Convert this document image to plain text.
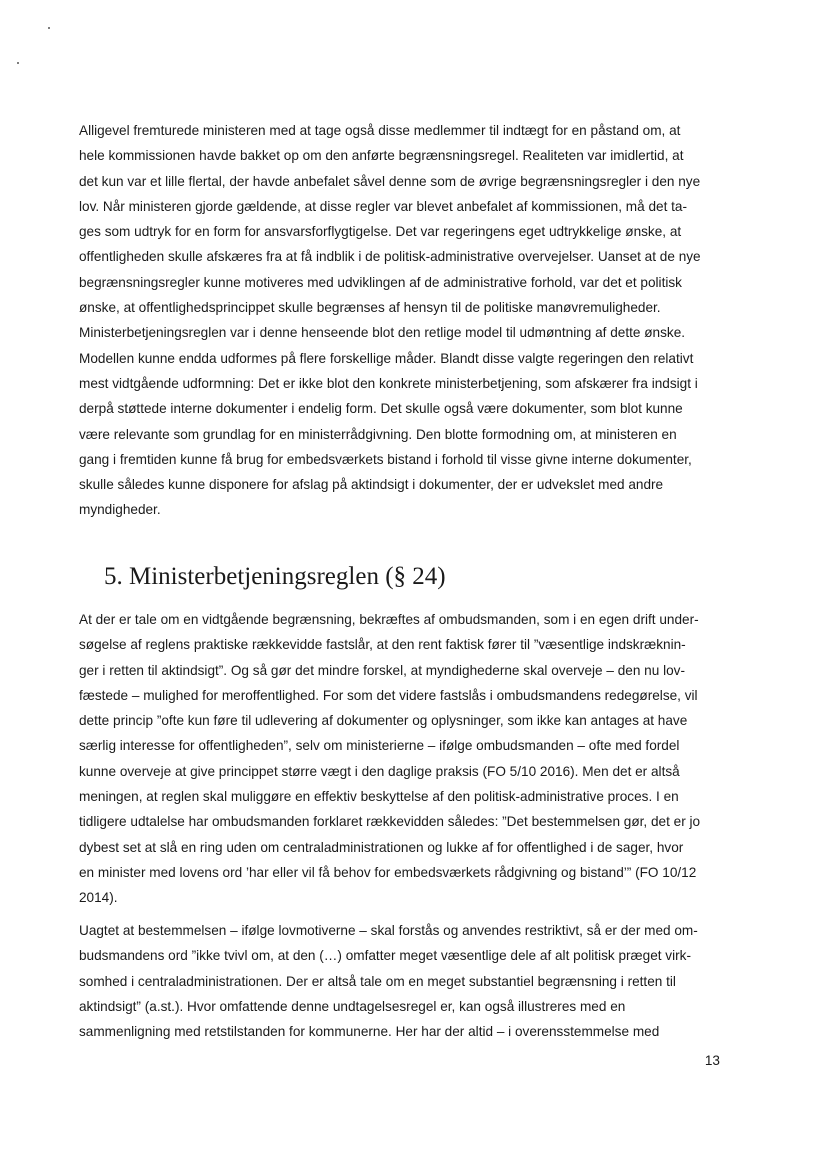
Alligevel fremturede ministeren med at tage også disse medlemmer til indtægt for en påstand om, at
hele kommissionen havde bakket op om den anførte begrænsningsregel. Realiteten var imidlertid, at
det kun var et lille flertal, der havde anbefalet såvel denne som de øvrige begrænsningsregler i den nye
lov. Når ministeren gjorde gældende, at disse regler var blevet anbefalet af kommissionen, må det ta-
ges som udtryk for en form for ansvarsforflygtigelse. Det var regeringens eget udtrykkelige ønske, at
offentligheden skulle afskæres fra at få indblik i de politisk-administrative overvejelser. Uanset at de nye
begrænsningsregler kunne motiveres med udviklingen af de administrative forhold, var det et politisk
ønske, at offentlighedsprincippet skulle begrænses af hensyn til de politiske manøvremuligheder.
Ministerbetjeningsreglen var i denne henseende blot den retlige model til udmøntning af dette ønske.
Modellen kunne endda udformes på flere forskellige måder. Blandt disse valgte regeringen den relativt
mest vidtgående udformning: Det er ikke blot den konkrete ministerbetjening, som afskærer fra indsigt i
derpå støttede interne dokumenter i endelig form. Det skulle også være dokumenter, som blot kunne
være relevante som grundlag for en ministerrådgivning. Den blotte formodning om, at ministeren en
gang i fremtiden kunne få brug for embedsværkets bistand i forhold til visse givne interne dokumenter,
skulle således kunne disponere for afslag på aktindsigt i dokumenter, der er udvekslet med andre
myndigheder.
5. Ministerbetjeningsreglen (§ 24)
At der er tale om en vidtgående begrænsning, bekræftes af ombudsmanden, som i en egen drift under-
søgelse af reglens praktiske rækkevidde fastslår, at den rent faktisk fører til ”væsentlige indskræknin-
ger i retten til aktindsigt”. Og så gør det mindre forskel, at myndighederne skal overveje – den nu lov-
fæstede – mulighed for meroffentlighed. For som det videre fastslås i ombudsmandens redegørelse, vil
dette princip ”ofte kun føre til udlevering af dokumenter og oplysninger, som ikke kan antages at have
særlig interesse for offentligheden”, selv om ministerierne – ifølge ombudsmanden – ofte med fordel
kunne overveje at give princippet større vægt i den daglige praksis (FO 5/10 2016). Men det er altså
meningen, at reglen skal muliggøre en effektiv beskyttelse af den politisk-administrative proces. I en
tidligere udtalelse har ombudsmanden forklaret rækkevidden således: ”Det bestemmelsen gør, det er jo
dybest set at slå en ring uden om centraladministrationen og lukke af for offentlighed i de sager, hvor
en minister med lovens ord ’har eller vil få behov for embedsværkets rådgivning og bistand’” (FO 10/12
2014).
Uagtet at bestemmelsen – ifølge lovmotiverne – skal forstås og anvendes restriktivt, så er der med om-
budsmandens ord ”ikke tvivl om, at den (…) omfatter meget væsentlige dele af alt politisk præget virk-
somhed i centraladministrationen. Der er altså tale om en meget substantiel begrænsning i retten til
aktindsigt” (a.st.). Hvor omfattende denne undtagelsesregel er, kan også illustreres med en
sammenligning med retstilstanden for kommunerne. Her har der altid – i overensstemmelse med
13
